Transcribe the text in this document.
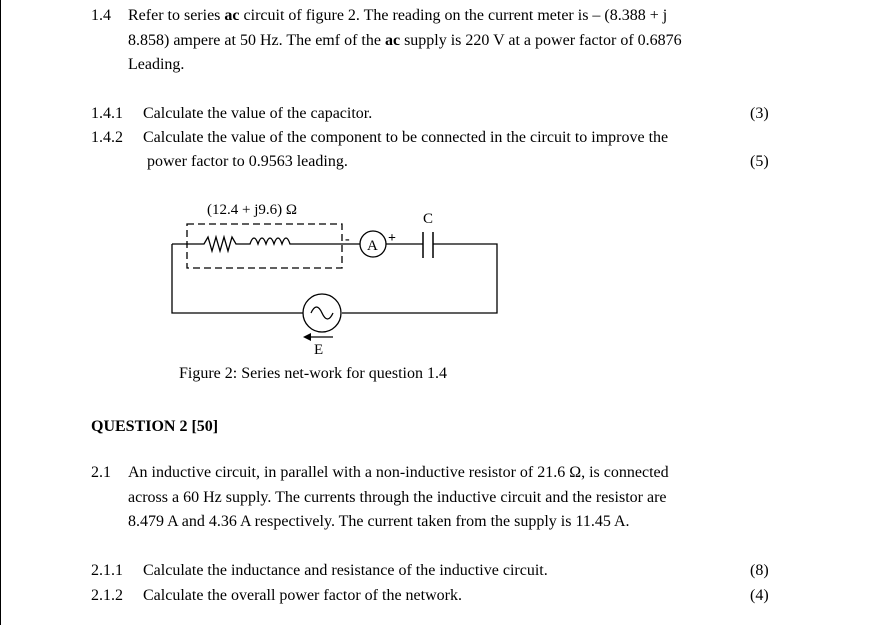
1.4 Refer to series ac circuit of figure 2. The reading on the current meter is – (8.388 + j
8.858) ampere at 50 Hz. The emf of the ac supply is 220 V at a power factor of 0.6876
Leading.
1.4.1 Calculate the value of the capacitor.	(3)
1.4.2 Calculate the value of the component to be connected in the circuit to improve the
power factor to 0.9563 leading.	(5)
(12.4 + j9.6) Ω
C
- A +
E
Figure 2: Series net-work for question 1.4
QUESTION 2 [50]
2.1 An inductive circuit, in parallel with a non-inductive resistor of 21.6 Ω, is connected
across a 60 Hz supply. The currents through the inductive circuit and the resistor are
8.479 A and 4.36 A respectively. The current taken from the supply is 11.45 A.
2.1.1 Calculate the inductance and resistance of the inductive circuit.	(8)
2.1.2 Calculate the overall power factor of the network.	(4)
